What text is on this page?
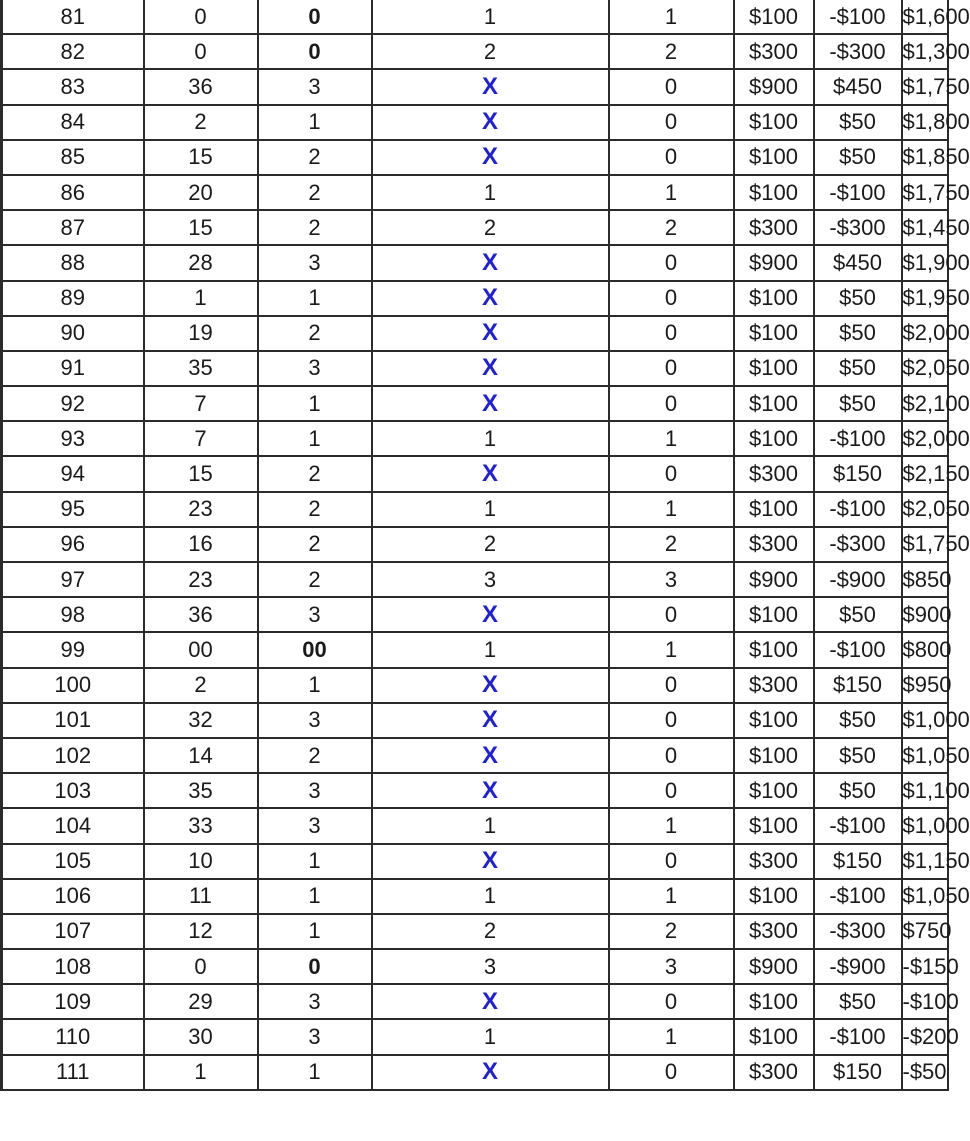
81	0	0	1	1	$100	-$100	$1,600
82	0	0	2	2	$300	-$300	$1,300
83	36	3	X	0	$900	$450	$1,750
84	2	1	X	0	$100	$50	$1,800
85	15	2	X	0	$100	$50	$1,850
86	20	2	1	1	$100	-$100	$1,750
87	15	2	2	2	$300	-$300	$1,450
88	28	3	X	0	$900	$450	$1,900
89	1	1	X	0	$100	$50	$1,950
90	19	2	X	0	$100	$50	$2,000
91	35	3	X	0	$100	$50	$2,050
92	7	1	X	0	$100	$50	$2,100
93	7	1	1	1	$100	-$100	$2,000
94	15	2	X	0	$300	$150	$2,150
95	23	2	1	1	$100	-$100	$2,050
96	16	2	2	2	$300	-$300	$1,750
97	23	2	3	3	$900	-$900	$850
98	36	3	X	0	$100	$50	$900
99	00	00	1	1	$100	-$100	$800
100	2	1	X	0	$300	$150	$950
101	32	3	X	0	$100	$50	$1,000
102	14	2	X	0	$100	$50	$1,050
103	35	3	X	0	$100	$50	$1,100
104	33	3	1	1	$100	-$100	$1,000
105	10	1	X	0	$300	$150	$1,150
106	11	1	1	1	$100	-$100	$1,050
107	12	1	2	2	$300	-$300	$750
108	0	0	3	3	$900	-$900	-$150
109	29	3	X	0	$100	$50	-$100
110	30	3	1	1	$100	-$100	-$200
111	1	1	X	0	$300	$150	-$50
